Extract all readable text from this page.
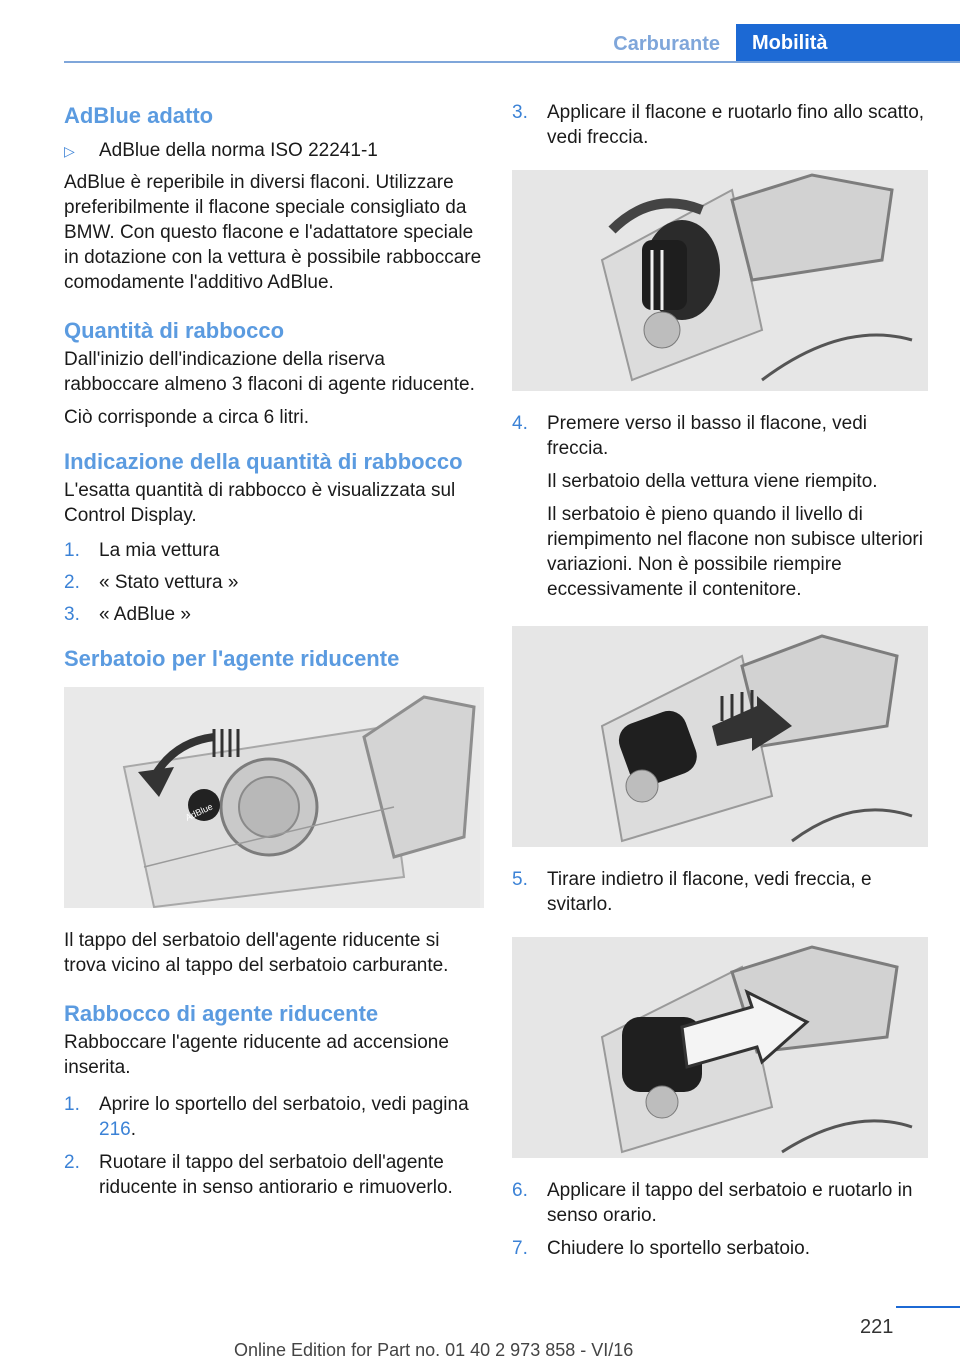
Carburante	Mobilità
AdBlue adatto
▷	AdBlue della norma ISO 22241-1

AdBlue è reperibile in diversi flaconi. Utilizzare preferibilmente il flacone speciale consigliato da BMW. Con questo flacone e l'adattatore speciale in dotazione con la vettura è possibile rabboccare comodamente l'additivo AdBlue.

Quantità di rabbocco

Dall'inizio dell'indicazione della riserva rabboccare almeno 3 flaconi di agente riducente.

Ciò corrisponde a circa 6 litri.

Indicazione della quantità di rabbocco

L'esatta quantità di rabbocco è visualizzata sul Control Display.

1.	La mia vettura
2.	« Stato vettura »
3.	« AdBlue »
Serbatoio per l'agente riducente
AdBlue

Il tappo del serbatoio dell'agente riducente si trova vicino al tappo del serbatoio carburante.

Rabbocco di agente riducente

Rabboccare l'agente riducente ad accensione inserita.

1.	Aprire lo sportello del serbatoio, vedi pagina 216.
2.	Ruotare il tappo del serbatoio dell'agente riducente in senso antiorario e rimuoverlo.
3.	Applicare il flacone e ruotarlo fino allo scatto, vedi freccia.
4.	Premere verso il basso il flacone, vedi freccia.

Il serbatoio della vettura viene riempito.

Il serbatoio è pieno quando il livello di riempimento nel flacone non subisce ulteriori variazioni. Non è possibile riempire eccessivamente il contenitore.

5.	Tirare indietro il flacone, vedi freccia, e svitarlo.
6.	Applicare il tappo del serbatoio e ruotarlo in senso orario.
7.	Chiudere lo sportello serbatoio.
221
Online Edition for Part no. 01 40 2 973 858 - VI/16
